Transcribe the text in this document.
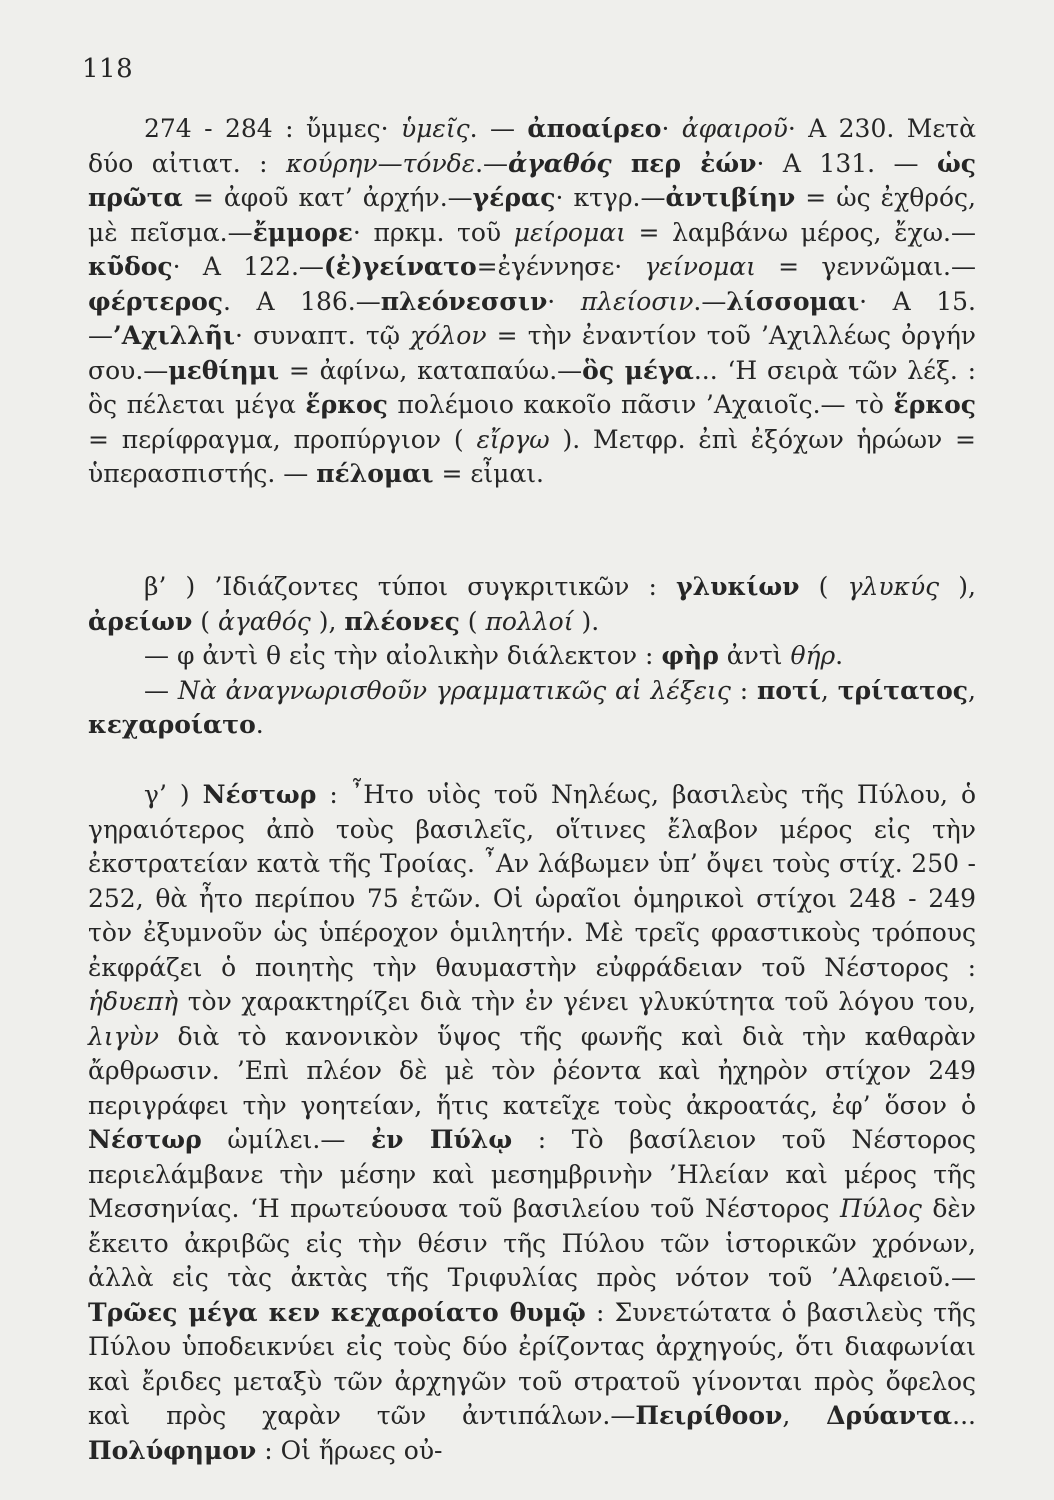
118

274 - 284 : ὔμμες· ὑμεῖς. — ἀποαίρεο· ἀφαιροῦ· Α 230. Μετὰ δύο αἰτιατ. : κούρην—τόνδε.—ἀγαθός περ ἐών· Α 131. — ὡς πρῶτα = ἀφοῦ κατ’ ἀρχήν.—γέρας· κτγρ.—ἀντιβίην = ὡς ἐχθρός, μὲ πεῖσμα.—ἔμμορε· πρκμ. τοῦ μείρομαι = λαμβάνω μέρος, ἔχω.— κῦδος· Α 122.—(ἐ)γείνατο=ἐγέννησε· γείνομαι = γεννῶμαι.—φέρτερος. Α 186.—πλεόνεσσιν· πλείοσιν.—λίσσομαι· Α 15.—’Αχιλλῆι· συναπτ. τῷ χόλον = τὴν ἐναντίον τοῦ ’Αχιλλέως ὀργήν σου.—μεθίημι = ἀφίνω, καταπαύω.—ὃς μέγα... ‘Η σειρὰ τῶν λέξ. : ὃς πέλεται μέγα ἕρκος πολέμοιο κακοῖο πᾶσιν ’Αχαιοῖς.— τὸ ἕρκος = περίφραγμα, προπύργιον ( εἴργω ). Μετφρ. ἐπὶ ἐξόχων ἡρώων = ὑπερασπιστής. — πέλομαι = εἶμαι.

β’ ) ’Ιδιάζοντες τύποι συγκριτικῶν : γλυκίων ( γλυκύς ), ἀρείων ( ἀγαθός ), πλέονες ( πολλοί ).

— φ ἀντὶ θ εἰς τὴν αἰολικὴν διάλεκτον : φὴρ ἀντὶ θήρ.

— Νὰ ἀναγνωρισθοῦν γραμματικῶς αἱ λέξεις : ποτί, τρίτατος, κεχαροίατο.

γ’ ) Νέστωρ : ῏Ητο υἱὸς τοῦ Νηλέως, βασιλεὺς τῆς Πύλου, ὁ γηραιότερος ἀπὸ τοὺς βασιλεῖς, οἵτινες ἔλαβον μέρος εἰς τὴν ἐκστρατείαν κατὰ τῆς Τροίας. ῏Αν λάβωμεν ὑπ’ ὄψει τοὺς στίχ. 250 - 252, θὰ ἦτο περίπου 75 ἐτῶν. Οἱ ὡραῖοι ὁμηρικοὶ στίχοι 248 - 249 τὸν ἐξυμνοῦν ὡς ὑπέροχον ὁμιλητήν. Μὲ τρεῖς φραστικοὺς τρόπους ἐκφράζει ὁ ποιητὴς τὴν θαυμαστὴν εὐφράδειαν τοῦ Νέστορος : ἡδυεπὴ τὸν χαρακτηρίζει διὰ τὴν ἐν γένει γλυκύτητα τοῦ λόγου του, λιγὺν διὰ τὸ κανονικὸν ὕψος τῆς φωνῆς καὶ διὰ τὴν καθαρὰν ἄρθρωσιν. ’Επὶ πλέον δὲ μὲ τὸν ῥέοντα καὶ ἠχηρὸν στίχον 249 περιγράφει τὴν γοητείαν, ἥτις κατεῖχε τοὺς ἀκροατάς, ἐφ’ ὅσον ὁ Νέστωρ ὡμίλει.— ἐν Πύλῳ : Τὸ βασίλειον τοῦ Νέστορος περιελάμβανε τὴν μέσην καὶ μεσημβρινὴν ’Ηλείαν καὶ μέρος τῆς Μεσσηνίας. ‘Η πρωτεύουσα τοῦ βασιλείου τοῦ Νέστορος Πύλος δὲν ἔκειτο ἀκριβῶς εἰς τὴν θέσιν τῆς Πύλου τῶν ἱστορικῶν χρόνων, ἀλλὰ εἰς τὰς ἀκτὰς τῆς Τριφυλίας πρὸς νότον τοῦ ’Αλφειοῦ.— Τρῶες μέγα κεν κεχαροίατο θυμῷ : Συνετώτατα ὁ βασιλεὺς τῆς Πύλου ὑποδεικνύει εἰς τοὺς δύο ἐρίζοντας ἀρχηγούς, ὅτι διαφωνίαι καὶ ἔριδες μεταξὺ τῶν ἀρχηγῶν τοῦ στρατοῦ γίνονται πρὸς ὄφελος καὶ πρὸς χαρὰν τῶν ἀντιπάλων.—Πειρίθοον, Δρύαντα... Πολύφημον : Οἱ ἥρωες οὐ-
